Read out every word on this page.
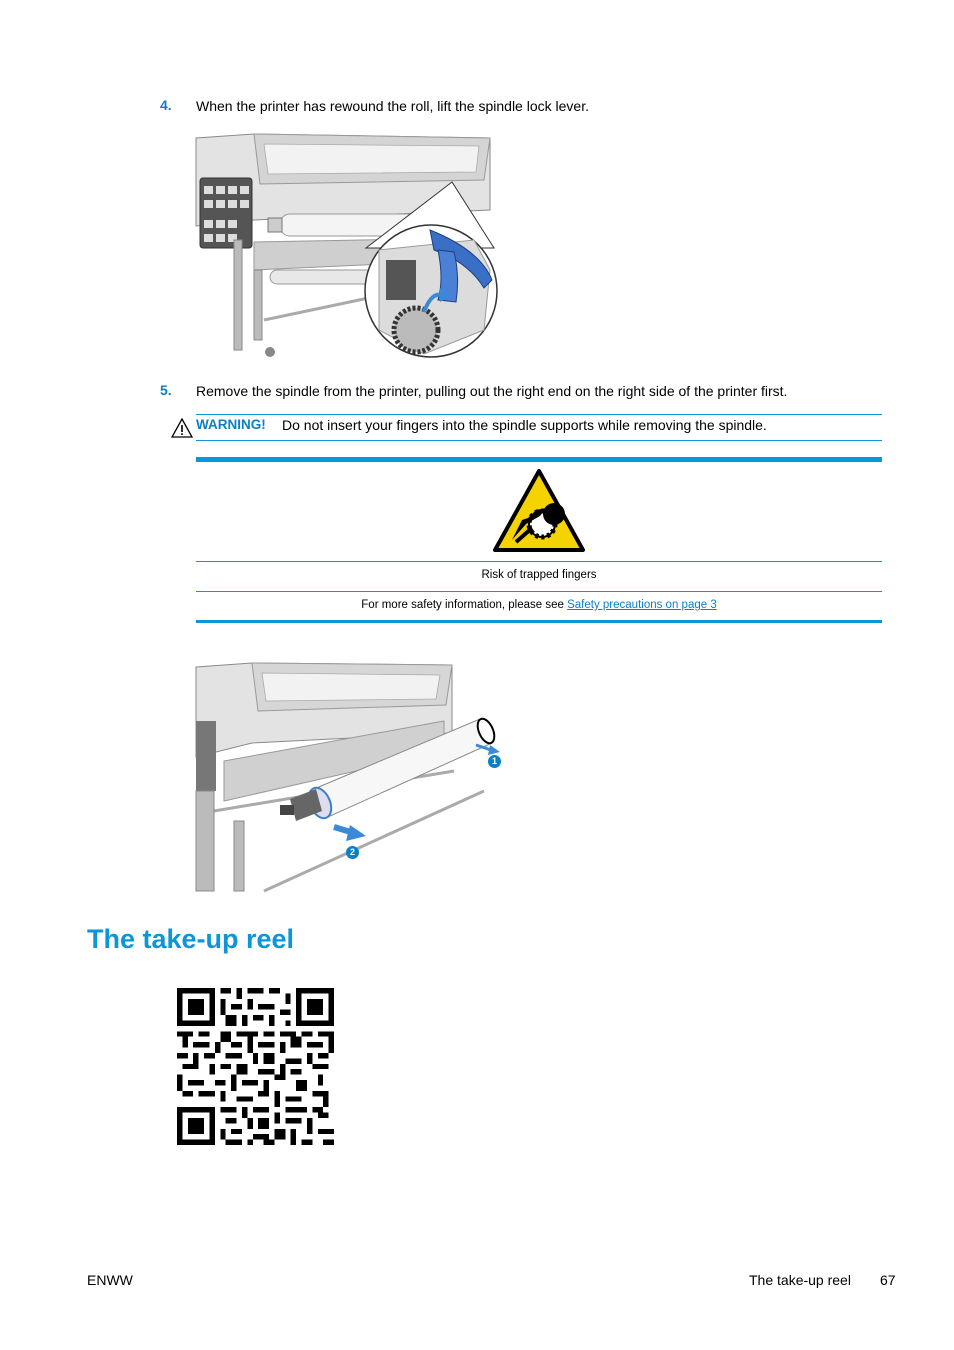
4. When the printer has rewound the roll, lift the spindle lock lever.
5. Remove the spindle from the printer, pulling out the right end on the right side of the printer first.
WARNING! Do not insert your fingers into the spindle supports while removing the spindle.
Risk of trapped fingers
For more safety information, please see Safety precautions on page 3
1
2
The take-up reel
ENWW	The take-up reel 67
